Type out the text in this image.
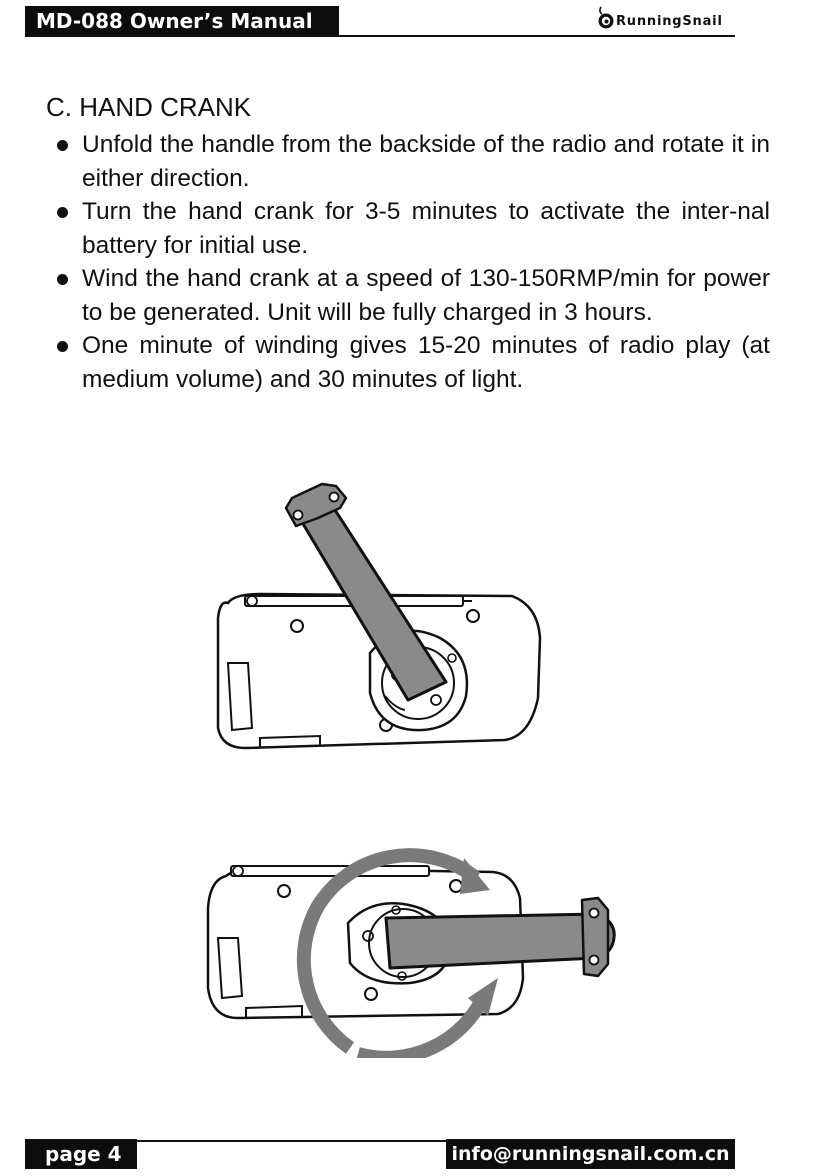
MD-088 Owner’s Manual	RunningSnail
C. HAND CRANK
Unfold the handle from the backside of the radio and rotate it in either direction.
Turn the hand crank for 3-5 minutes to activate the inter-nal battery for initial use.
Wind the hand crank at a speed of 130-150RMP/min for power to be generated. Unit will be fully charged in 3 hours.
One minute of winding gives 15-20 minutes of radio play (at medium volume) and 30 minutes of light.
page 4	info@runningsnail.com.cn
